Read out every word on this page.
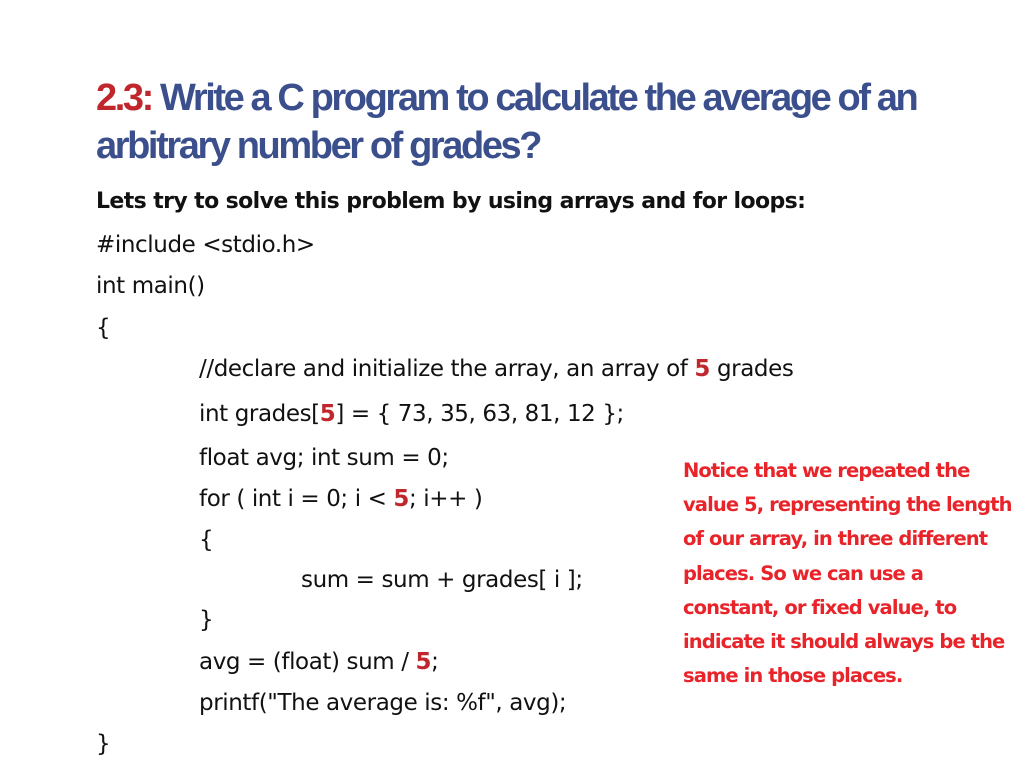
2.3: Write a C program to calculate the average of an arbitrary number of grades?
Lets try to solve this problem by using arrays and for loops:
#include <stdio.h>
int main()
{
//declare and initialize the array, an array of 5 grades
int grades[5] = { 73, 35, 63, 81, 12 };
float avg; int sum = 0;
for ( int i = 0; i < 5; i++ )
{
sum = sum + grades[ i ];
}
avg = (float) sum / 5;
printf("The average is: %f", avg);
}
Notice that we repeated the value 5, representing the length of our array, in three different places. So we can use a constant, or fixed value, to indicate it should always be the same in those places.
